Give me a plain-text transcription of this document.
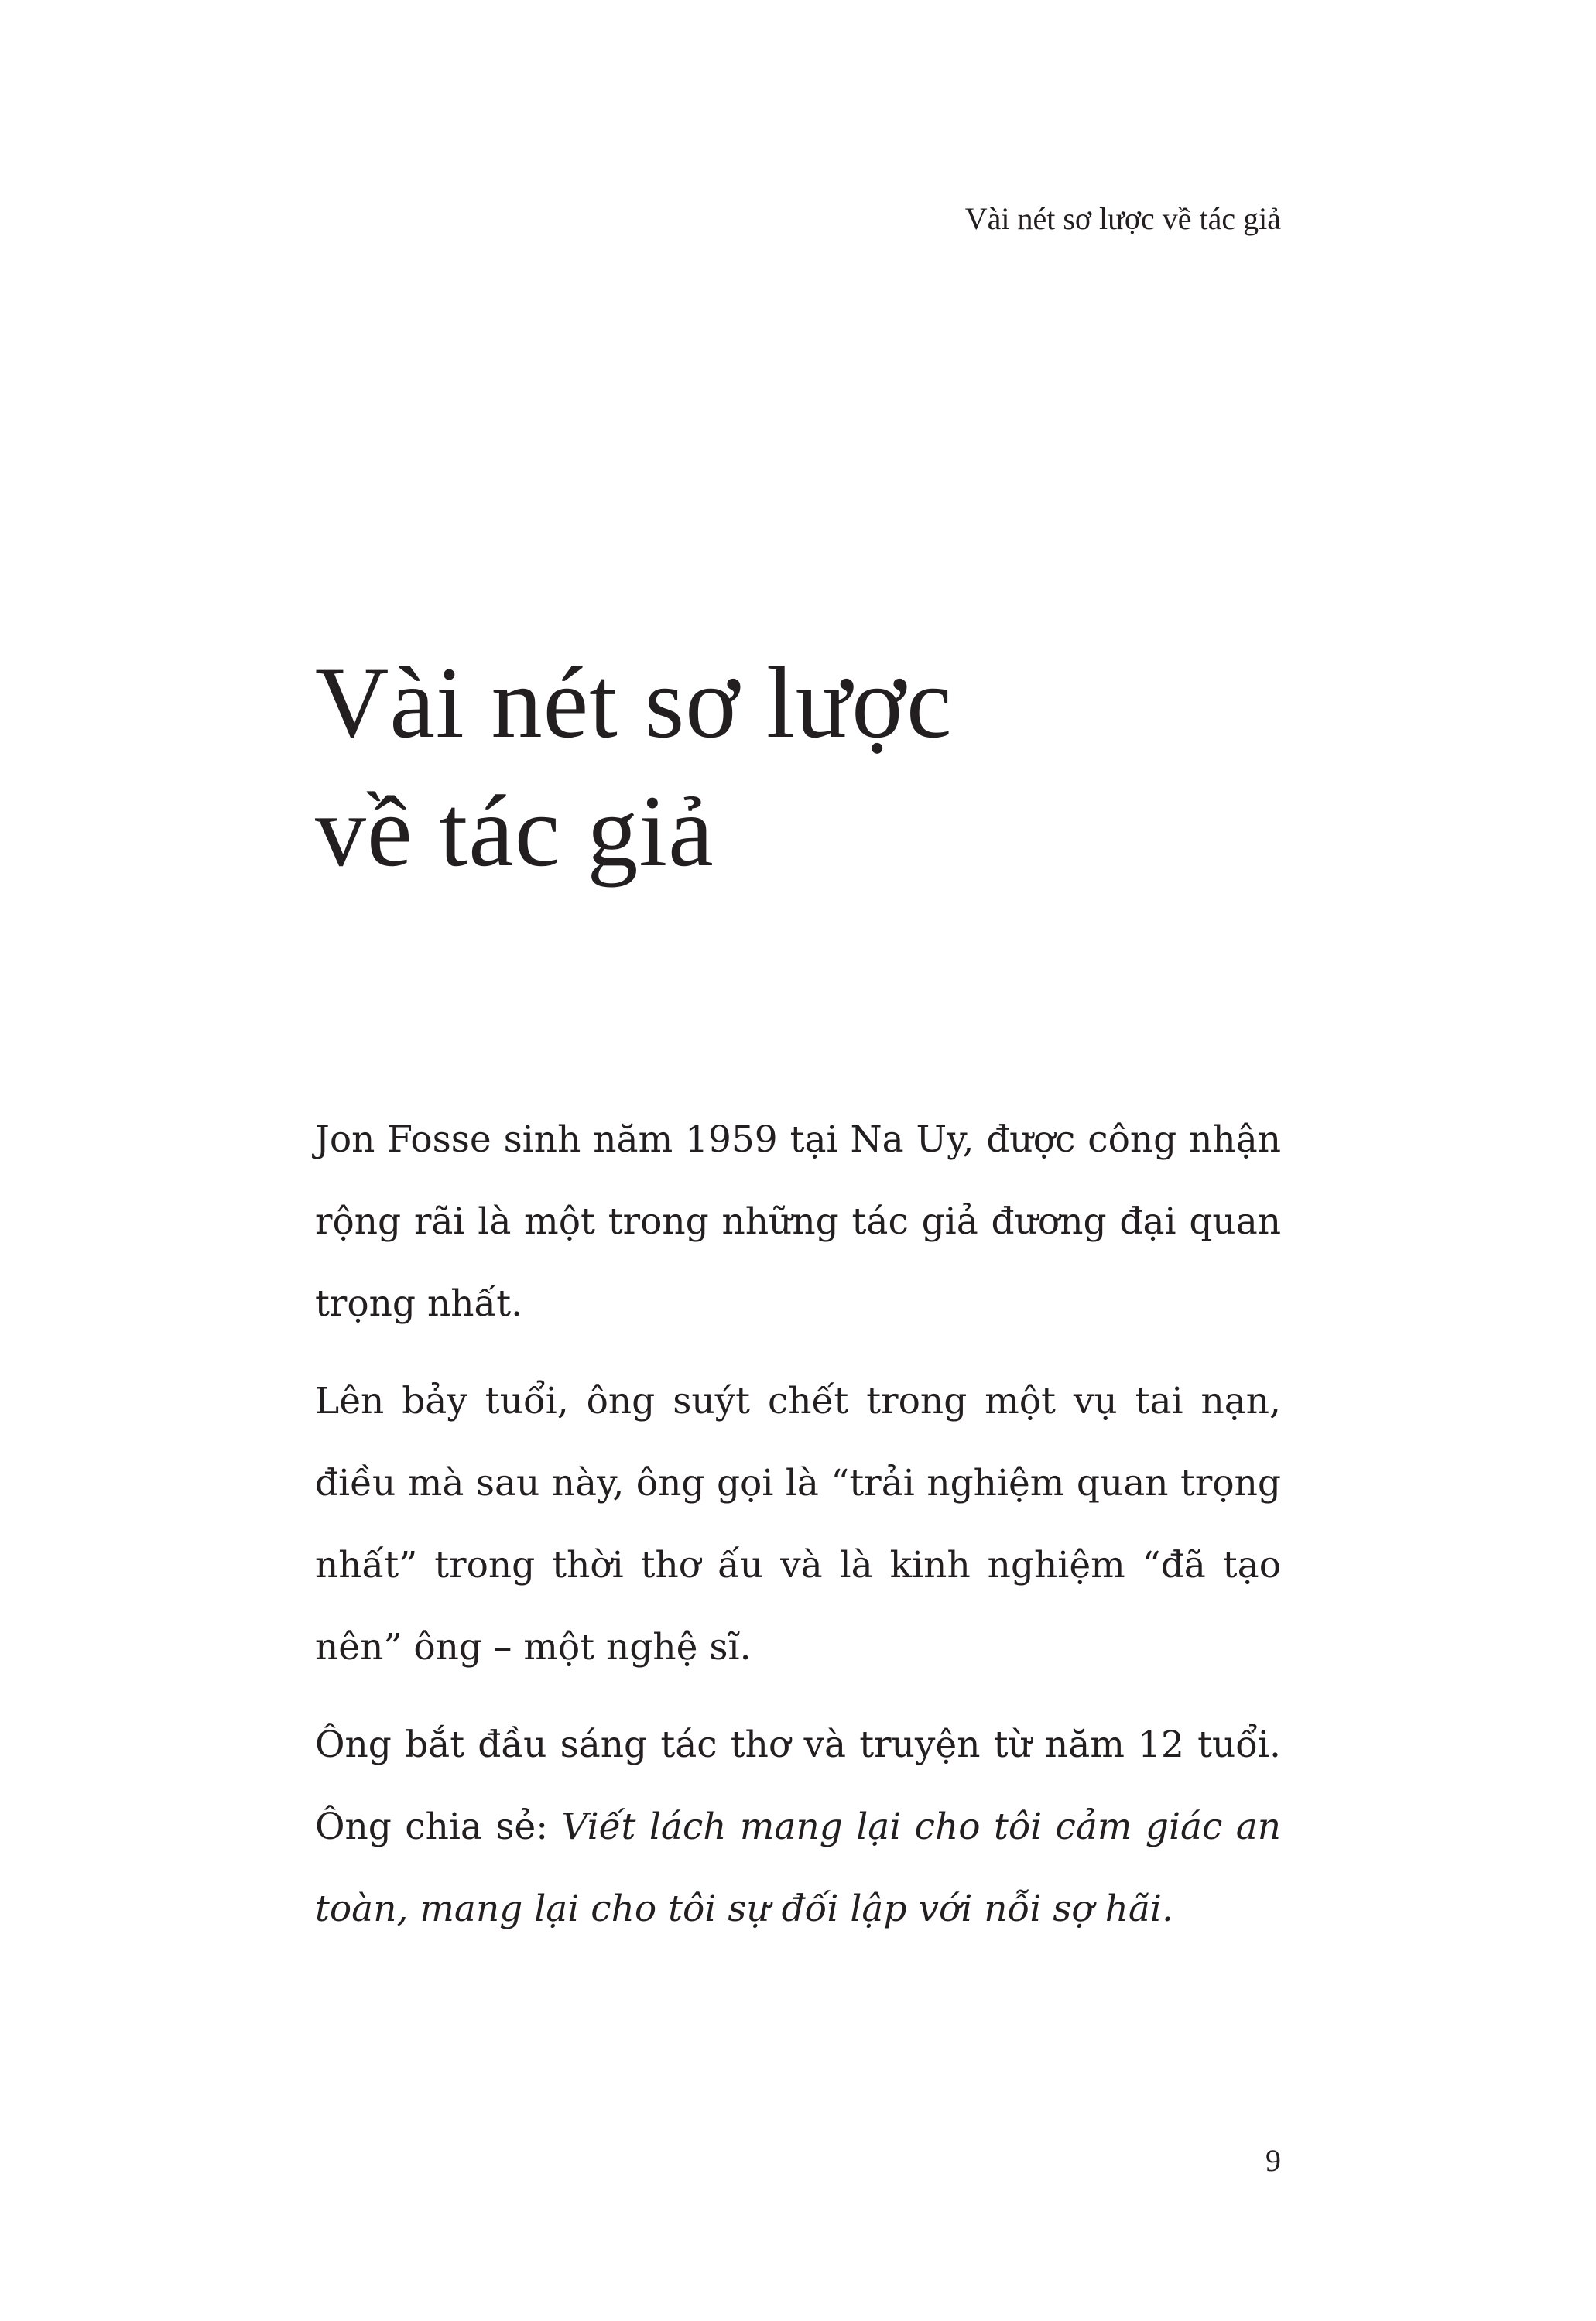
Vài nét sơ lược về tác giả
Vài nét sơ lược
về tác giả

Jon Fosse sinh năm 1959 tại Na Uy, được công nhận rộng rãi là một trong những tác giả đương đại quan trọng nhất.

Lên bảy tuổi, ông suýt chết trong một vụ tai nạn, điều mà sau này, ông gọi là “trải nghiệm quan trọng nhất” trong thời thơ ấu và là kinh nghiệm “đã tạo nên” ông – một nghệ sĩ.

Ông bắt đầu sáng tác thơ và truyện từ năm 12 tuổi. Ông chia sẻ: Viết lách mang lại cho tôi cảm giác an toàn, mang lại cho tôi sự đối lập với nỗi sợ hãi.

9
